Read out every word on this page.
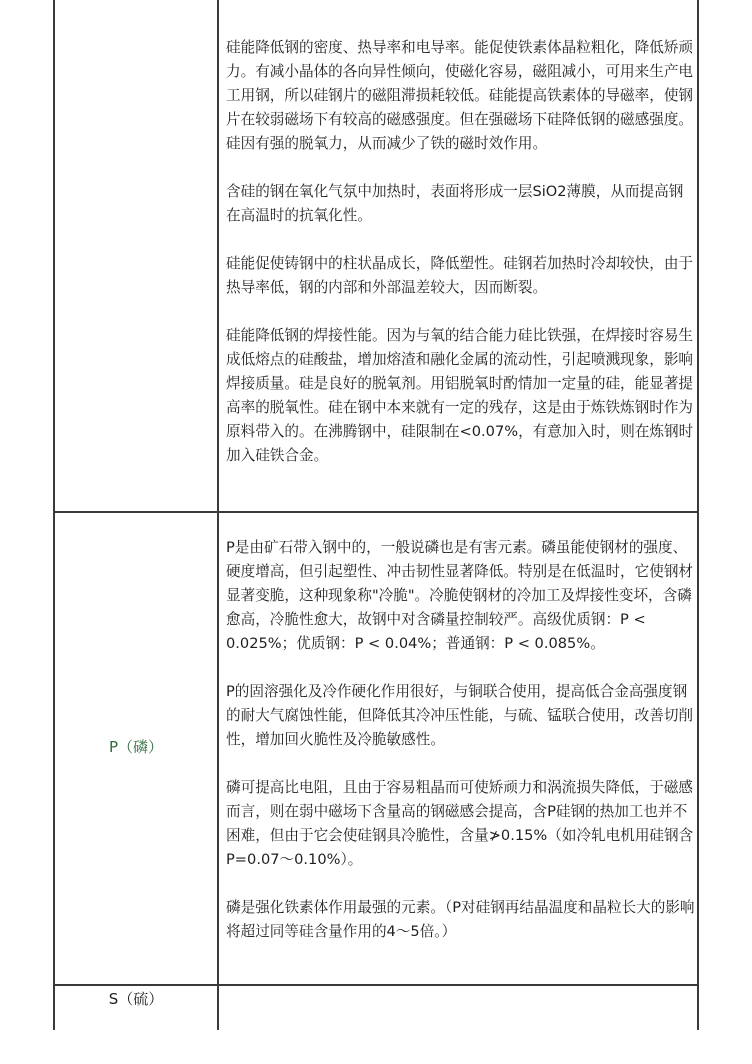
硅能降低钢的密度、热导率和电导率。能促使铁素体晶粒粗化，降低矫顽力。有减小晶体的各向异性倾向，使磁化容易，磁阻减小，可用来生产电工用钢，所以硅钢片的磁阻滞损耗较低。硅能提高铁素体的导磁率，使钢片在较弱磁场下有较高的磁感强度。但在强磁场下硅降低钢的磁感强度。硅因有强的脱氧力，从而减少了铁的磁时效作用。

含硅的钢在氧化气氛中加热时，表面将形成一层SiO2薄膜，从而提高钢在高温时的抗氧化性。

硅能促使铸钢中的柱状晶成长，降低塑性。硅钢若加热时冷却较快，由于热导率低，钢的内部和外部温差较大，因而断裂。

硅能降低钢的焊接性能。因为与氧的结合能力硅比铁强，在焊接时容易生成低熔点的硅酸盐，增加熔渣和融化金属的流动性，引起喷溅现象，影响焊接质量。硅是良好的脱氧剂。用铝脱氧时酌情加一定量的硅，能显著提高率的脱氧性。硅在钢中本来就有一定的残存，这是由于炼铁炼钢时作为原料带入的。在沸腾钢中，硅限制在<0.07%，有意加入时，则在炼钢时加入硅铁合金。

P（磷）

P是由矿石带入钢中的，一般说磷也是有害元素。磷虽能使钢材的强度、硬度增高，但引起塑性、冲击韧性显著降低。特别是在低温时，它使钢材显著变脆，这种现象称"冷脆"。冷脆使钢材的冷加工及焊接性变坏，含磷愈高，冷脆性愈大，故钢中对含磷量控制较严。高级优质钢：P < 0.025%；优质钢：P < 0.04%；普通钢：P < 0.085%。

P的固溶强化及冷作硬化作用很好，与铜联合使用，提高低合金高强度钢的耐大气腐蚀性能，但降低其冷冲压性能，与硫、锰联合使用，改善切削性，增加回火脆性及冷脆敏感性。

磷可提高比电阻，且由于容易粗晶而可使矫顽力和涡流损失降低，于磁感而言，则在弱中磁场下含量高的钢磁感会提高，含P硅钢的热加工也并不困难，但由于它会使硅钢具冷脆性，含量≯0.15%（如冷轧电机用硅钢含P=0.07～0.10%）。

磷是强化铁素体作用最强的元素。（P对硅钢再结晶温度和晶粒长大的影响将超过同等硅含量作用的4～5倍。）

S（硫）
